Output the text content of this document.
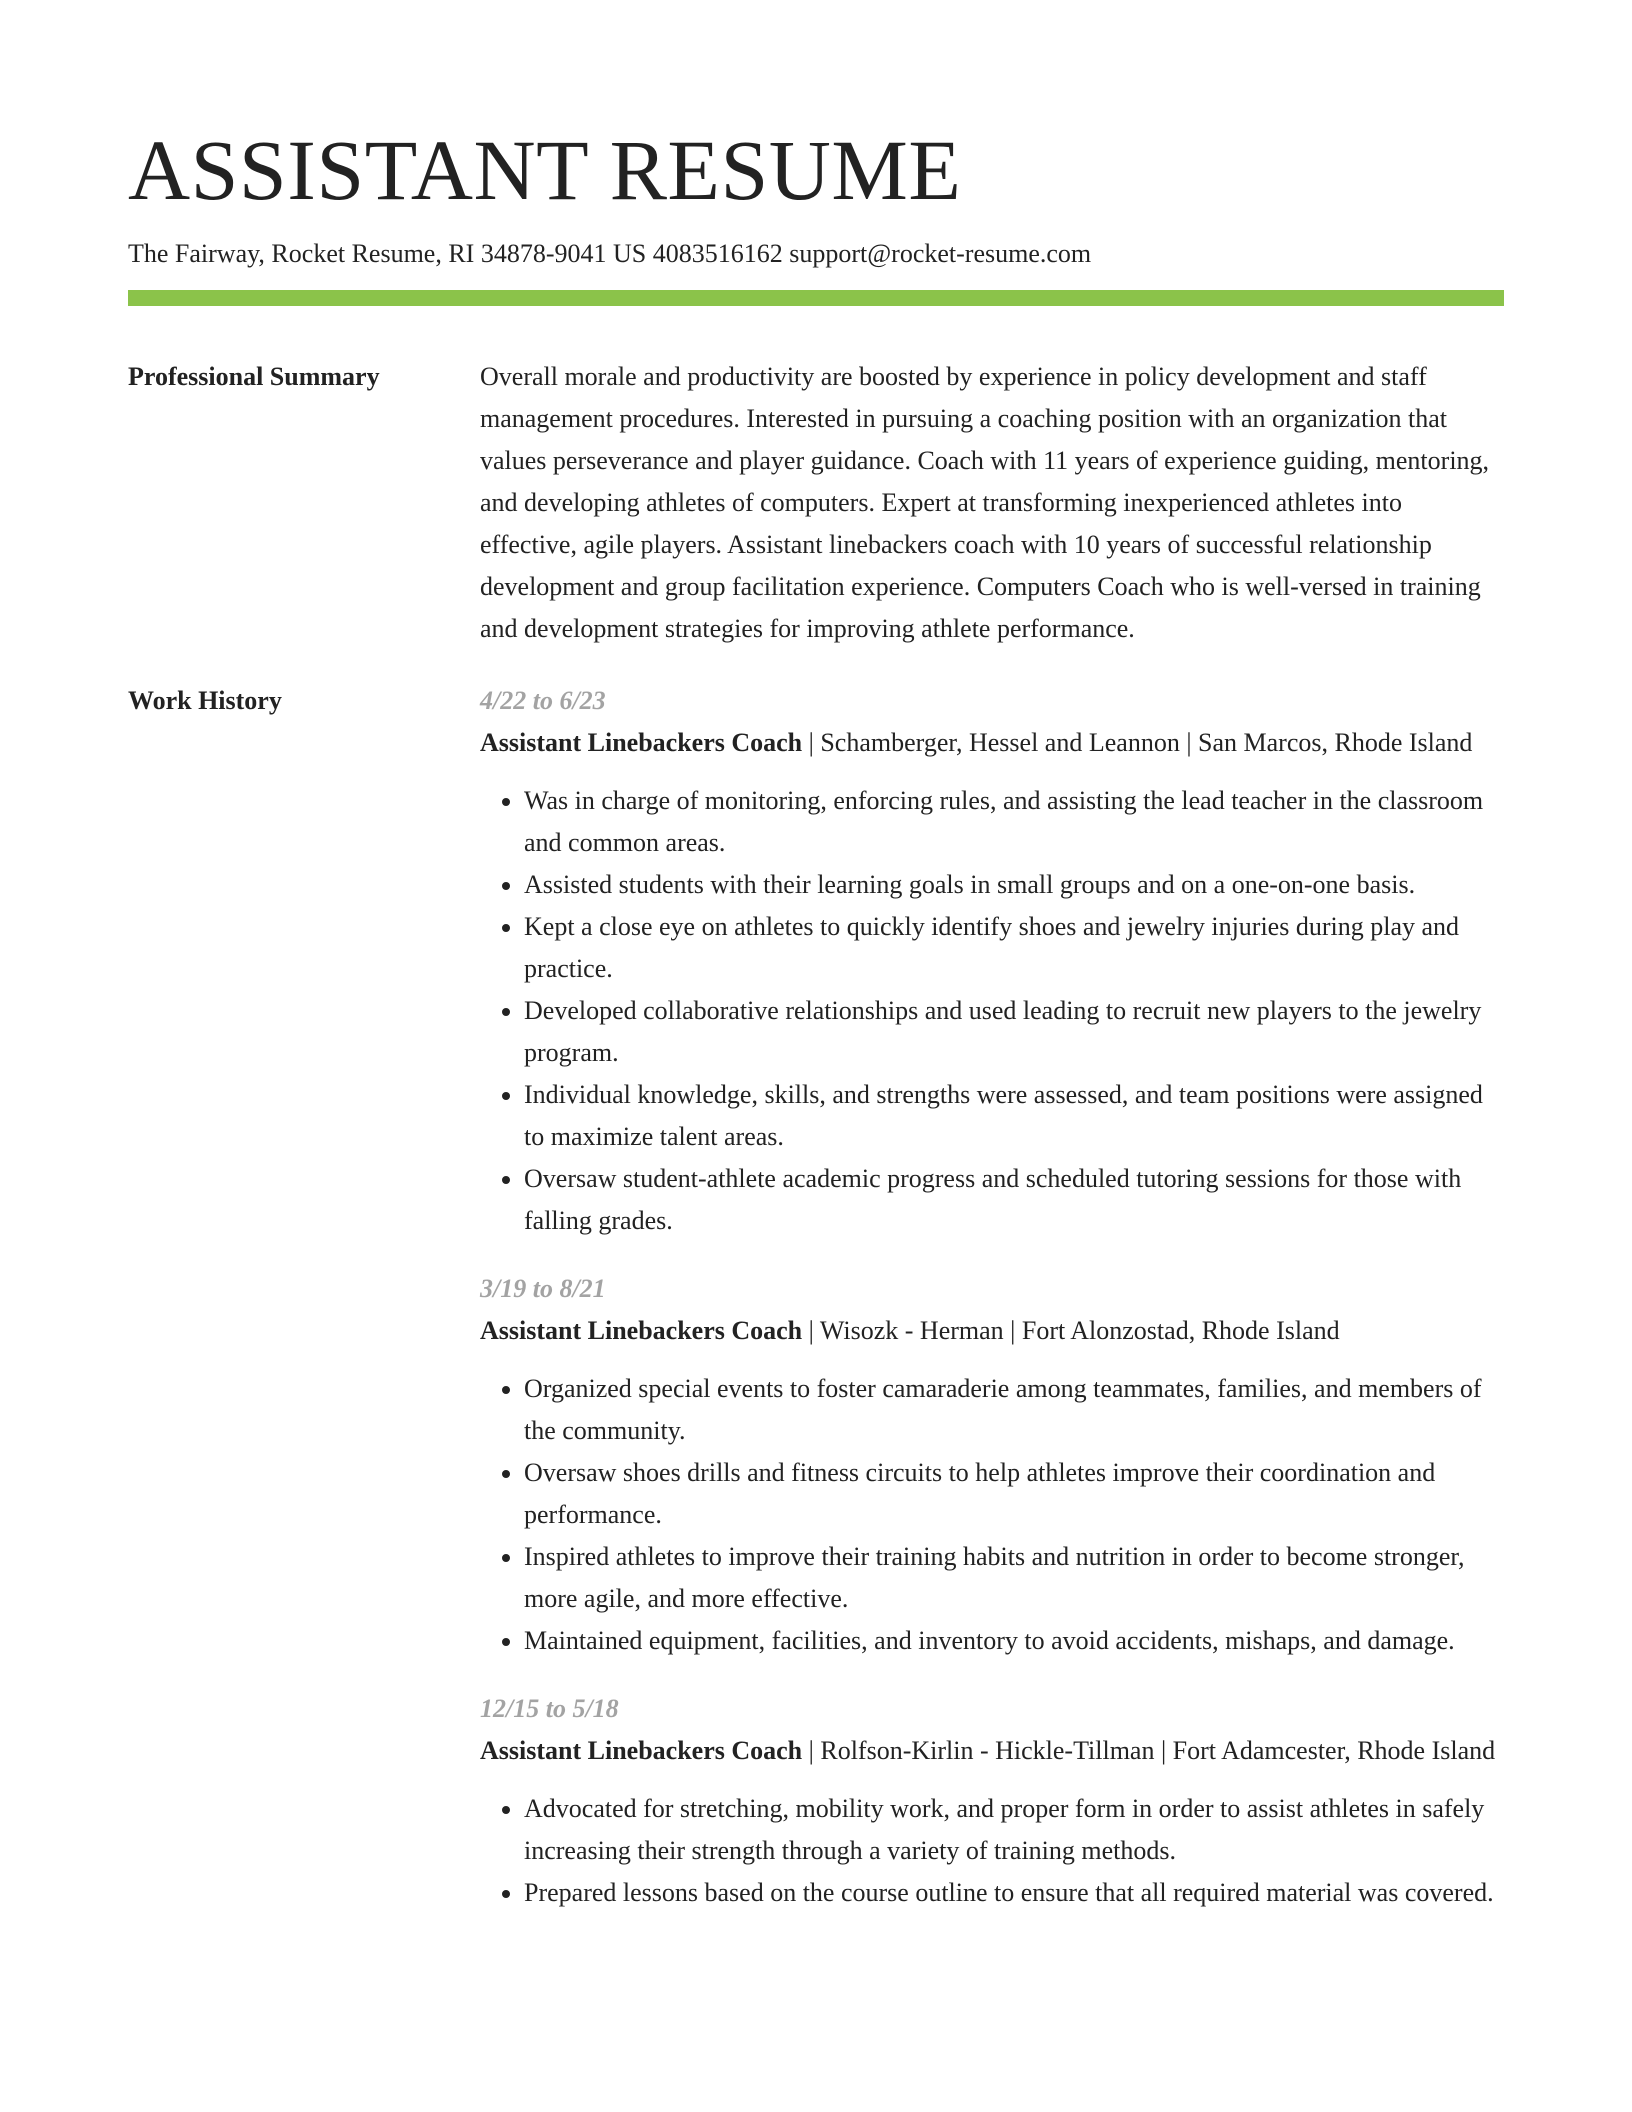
ASSISTANT RESUME
The Fairway, Rocket Resume, RI 34878-9041 US 4083516162 support@rocket-resume.com
Professional Summary	Overall morale and productivity are boosted by experience in policy development and staff management procedures. Interested in pursuing a coaching position with an organization that values perseverance and player guidance. Coach with 11 years of experience guiding, mentoring, and developing athletes of computers. Expert at transforming inexperienced athletes into effective, agile players. Assistant linebackers coach with 10 years of successful relationship development and group facilitation experience. Computers Coach who is well-versed in training and development strategies for improving athlete performance.
Work History	4/22 to 6/23
Assistant Linebackers Coach | Schamberger, Hessel and Leannon | San Marcos, Rhode Island
• Was in charge of monitoring, enforcing rules, and assisting the lead teacher in the classroom and common areas.
• Assisted students with their learning goals in small groups and on a one-on-one basis.
• Kept a close eye on athletes to quickly identify shoes and jewelry injuries during play and practice.
• Developed collaborative relationships and used leading to recruit new players to the jewelry program.
• Individual knowledge, skills, and strengths were assessed, and team positions were assigned to maximize talent areas.
• Oversaw student-athlete academic progress and scheduled tutoring sessions for those with falling grades.
3/19 to 8/21
Assistant Linebackers Coach | Wisozk - Herman | Fort Alonzostad, Rhode Island
• Organized special events to foster camaraderie among teammates, families, and members of the community.
• Oversaw shoes drills and fitness circuits to help athletes improve their coordination and performance.
• Inspired athletes to improve their training habits and nutrition in order to become stronger, more agile, and more effective.
• Maintained equipment, facilities, and inventory to avoid accidents, mishaps, and damage.
12/15 to 5/18
Assistant Linebackers Coach | Rolfson-Kirlin - Hickle-Tillman | Fort Adamcester, Rhode Island
• Advocated for stretching, mobility work, and proper form in order to assist athletes in safely increasing their strength through a variety of training methods.
• Prepared lessons based on the course outline to ensure that all required material was covered.
